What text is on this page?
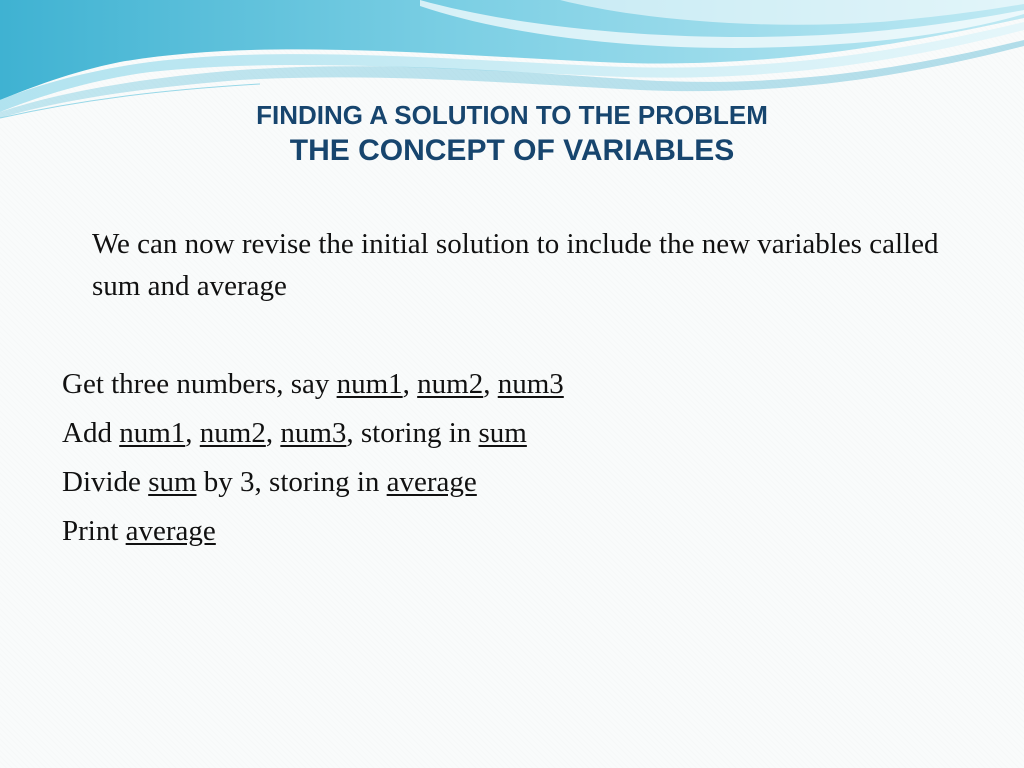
FINDING A SOLUTION TO THE PROBLEM
THE CONCEPT OF VARIABLES
We can now revise the initial solution to include the new variables called sum and average
Get three numbers, say num1, num2, num3
Add num1, num2, num3, storing in sum
Divide sum by 3, storing in average
Print average
